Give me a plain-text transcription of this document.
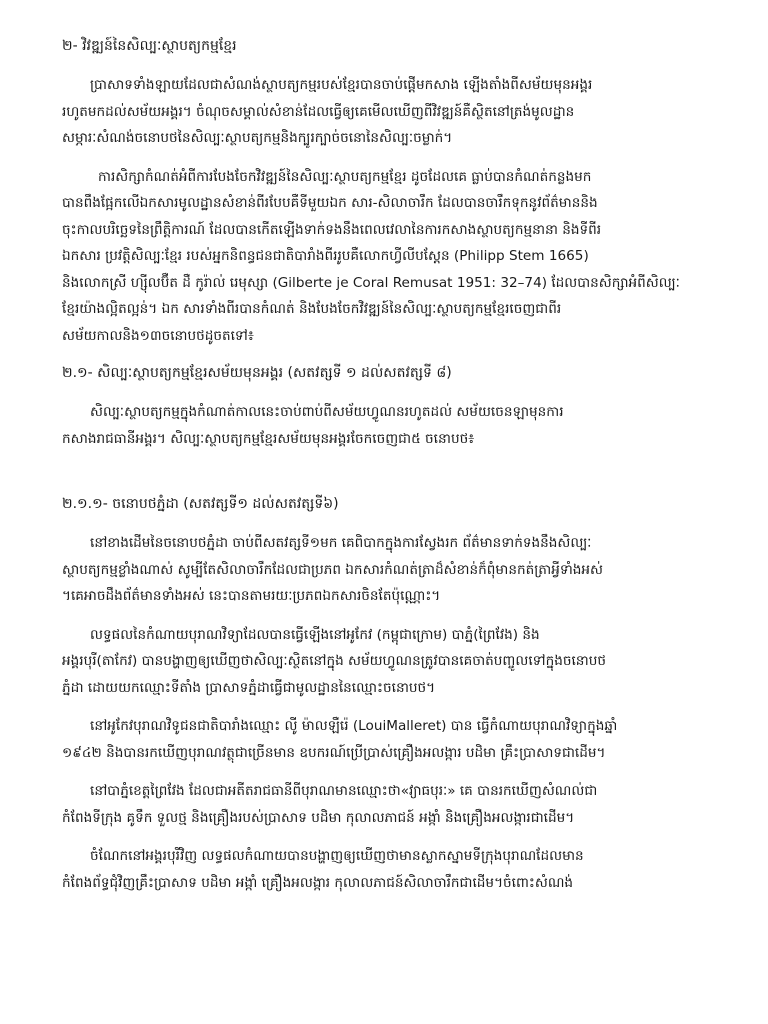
២- វិវឌ្ឍន៍នៃសិល្បៈស្ថាបត្យកម្មខ្មែរ
ប្រាសាទទាំងឡាយដែលជាសំណង់ស្ថាបត្យកម្មរបស់ខ្មែរបានចាប់ផ្ដើមកសាង ឡើងតាំងពីសម័យមុនអង្គរ
រហូតមកដល់សម័យអង្គរ។ ចំណុចសម្គាល់សំខាន់ដែលធ្វើឲ្យគេមើលឃើញពីវិវឌ្ឍន៍គឺស្ថិតនៅត្រង់មូលដ្ឋាន
សម្ភារៈសំណង់ចនោបថនៃសិល្បៈស្ថាបត្យកម្មនិងក្បូរក្បាច់ចនោនៃសិល្បៈចម្លាក់។
ការសិក្សាកំណត់អំពីការបែងចែកវិវឌ្ឍន៍នៃសិល្បៈស្ថាបត្យកម្មខ្មែរ ដូចដែលគេ ធ្លាប់បានកំណត់កន្លងមក
បានពឹងផ្អែកលើឯកសារមូលដ្ឋានសំខាន់ពីរបែបគឺទីមួយឯក សារ-សិលាចារឹក ដែលបានចារឹកទុកនូវព័ត៌មាននិង
ចុះកាលបរិច្ឆេទនៃព្រឹត្តិការណ៍ ដែលបានកើតឡើងទាក់ទងនឹងពេលវេលានៃការកសាងស្ថាបត្យកម្មនានា និងទីពីរ
ឯកសារ ប្រវត្តិសិល្បៈខ្មែរ របស់អ្នកនិពន្ធជនជាតិបារាំងពីររូបគឺលោកហ្វីលីបស្តែន (Philipp Stem 1665)
និងលោកស្រី ហ្ស៊ីលប៊ឺត ដឺ កូរ៉ាល់ រេមុស្សា (Gilberte je Coral Remusat 1951: 32–74) ដែលបានសិក្សាអំពីសិល្បៈ
ខ្មែរយ៉ាងល្អិតល្អន់។ ឯក សារទាំងពីរបានកំណត់ និងបែងចែកវិវឌ្ឍន៍នៃសិល្បៈស្ថាបត្យកម្មខ្មែរចេញជាពីរ
សម័យកាលនិង១៣ចនោបថដូចតទៅ៖
២.១- សិល្បៈស្ថាបត្យកម្មខ្មែរសម័យមុនអង្គរ (សតវត្សទី ១ ដល់សតវត្សទី ៨)
សិល្បៈស្ថាបត្យកម្មក្នុងកំណាត់កាលនេះចាប់ពាប់ពីសម័យហ្វូណនរហូតដល់ សម័យចេនឡាមុនការ
កសាងរាជធានីអង្គរ។ សិល្បៈស្ថាបត្យកម្មខ្មែរសម័យមុនអង្គរចែកចេញជា៥ ចនោបថ៖
២.១.១- ចនោបថភ្នំដា (សតវត្សទី១ ដល់សតវត្សទី៦)
នៅខាងដើមនៃចនោបថភ្នំដា ចាប់ពីសតវត្សទី១មក គេពិបាកក្នុងការស្វែងរក ព័ត៌មានទាក់ទងនឹងសិល្បៈ
ស្ថាបត្យកម្មខ្លាំងណាស់ សូម្បីតែសិលាចារឹកដែលជាប្រភព ឯកសារកំណត់ត្រាដ៏សំខាន់ក៏ពុំមានកត់ត្រាអ្វីទាំងអស់
។គេអាចដឹងព័ត៌មានទាំងអស់ នេះបានតាមរយៈប្រភពឯកសារចិនតែប៉ុណ្ណោះ។
លទ្ធផលនៃកំណាយបុរាណវិទ្យាដែលបានធ្វើឡើងនៅអូកែវ (កម្ពុជាក្រោម) បាភ្នំ(ព្រៃវែង) និង
អង្គរបុរី(តាកែវ) បានបង្ហាញឲ្យឃើញថាសិល្បៈស្ថិតនៅក្នុង សម័យហ្វូណនត្រូវបានគេចាត់បញ្ចូលទៅក្នុងចនោបថ
ភ្នំដា ដោយយកឈ្មោះទីតាំង ប្រាសាទភ្នំដាធ្វើជាមូលដ្ឋាននៃឈ្មោះចនោបថ។
នៅអូកែវបុរាណវិទូជនជាតិបារាំងឈ្មោះ លូី ម៉ាលឡឺរ៉េ (LouiMalleret) បាន ធ្វើកំណាយបុរាណវិទ្យាក្នុងឆ្នាំ
១៩៤២ និងបានរកឃើញបុរាណវត្ថុជាច្រើនមាន ឧបករណ៍ប្រើប្រាស់គ្រឿងអលង្ការ បដិមា គ្រឹះប្រាសាទជាដើម។
នៅបាភ្នំខេត្តព្រៃវែង ដែលជាអតីតរាជធានីពីបុរាណមានឈ្មោះថា«វ្យាធបុរៈ» គេ បានរកឃើញសំណល់ជា
កំពែងទីក្រុង គូទឹក ទួលថ្ម និងគ្រឿងរបស់ប្រាសាទ បដិមា កុលាលភាជន៍ អង្កាំ និងគ្រឿងអលង្ការជាដើម។
ចំណែកនៅអង្គរបុរីវិញ លទ្ធផលកំណាយបានបង្ហាញឲ្យឃើញថាមានស្លាកស្នាមទីក្រុងបុរាណដែលមាន
កំពែងព័ទ្ធជុំវិញគ្រឹះប្រាសាទ បដិមា អង្កាំ គ្រឿងអលង្ការ កុលាលភាជន៍សិលាចារឹកជាដើម។ចំពោះសំណង់
